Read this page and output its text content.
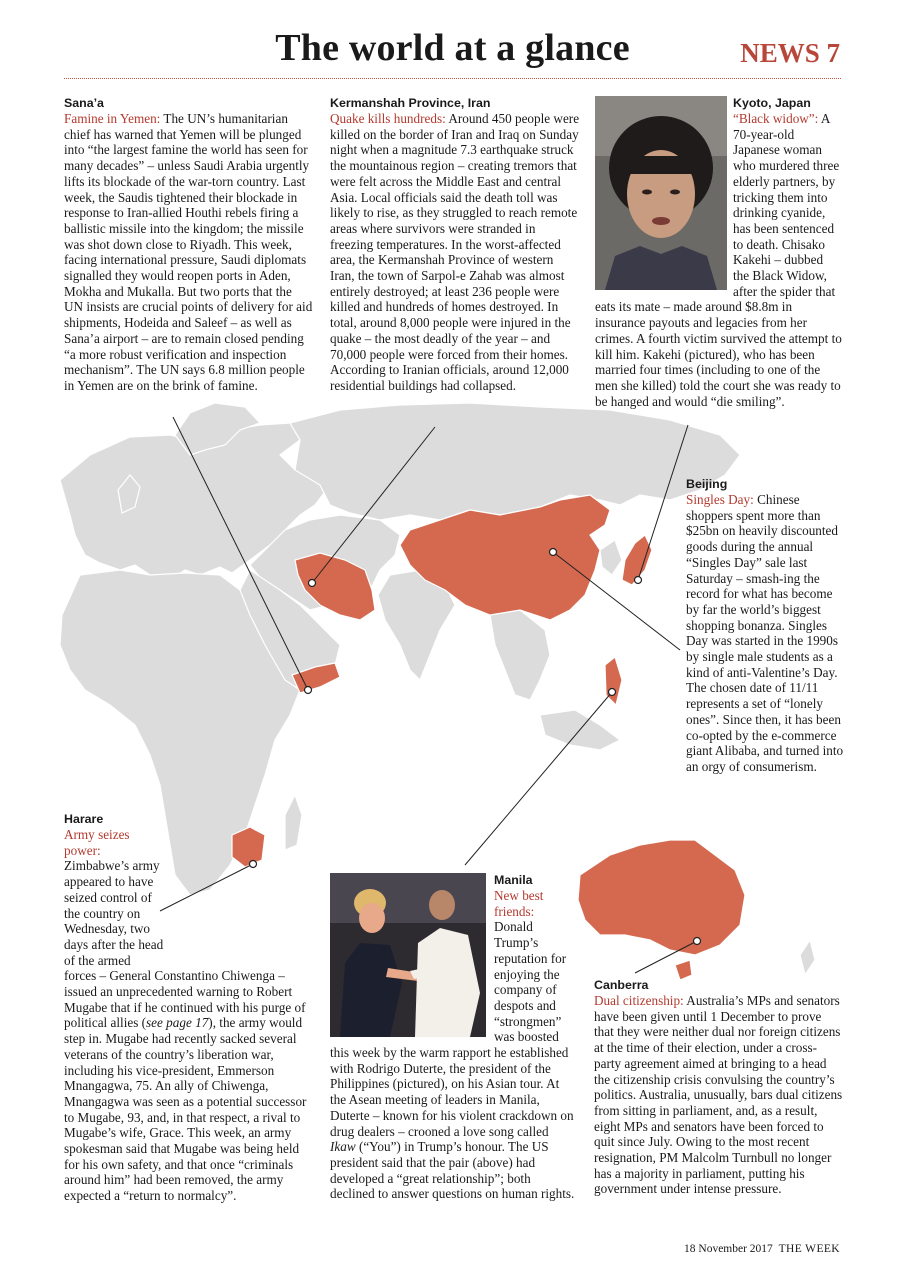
The world at a glance	NEWS 7
Sana’a
Famine in Yemen: The UN’s humanitarian chief has warned that Yemen will be plunged into “the largest famine the world has seen for many decades” – unless Saudi Arabia urgently lifts its blockade of the war-torn country. Last week, the Saudis tightened their blockade in response to Iran-allied Houthi rebels firing a ballistic missile into the kingdom; the missile was shot down close to Riyadh. This week, facing international pressure, Saudi diplomats signalled they would reopen ports in Aden, Mokha and Mukalla. But two ports that the UN insists are crucial points of delivery for aid shipments, Hodeida and Saleef – as well as Sana’a airport – are to remain closed pending “a more robust verification and inspection mechanism”. The UN says 6.8 million people in Yemen are on the brink of famine.
Kermanshah Province, Iran
Quake kills hundreds: Around 450 people were killed on the border of Iran and Iraq on Sunday night when a magnitude 7.3 earthquake struck the mountainous region – creating tremors that were felt across the Middle East and central Asia. Local officials said the death toll was likely to rise, as they struggled to reach remote areas where survivors were stranded in freezing temperatures. In the worst-affected area, the Kermanshah Province of western Iran, the town of Sarpol-e Zahab was almost entirely destroyed; at least 236 people were killed and hundreds of homes destroyed. In total, around 8,000 people were injured in the quake – the most deadly of the year – and 70,000 people were forced from their homes. According to Iranian officials, around 12,000 residential buildings had collapsed.
Kyoto, Japan
“Black widow”: A 70-year-old Japanese woman who murdered three elderly partners, by tricking them into drinking cyanide, has been sentenced to death. Chisako Kakehi – dubbed the Black Widow, after the spider that eats its mate – made around $8.8m in insurance payouts and legacies from her crimes. A fourth victim survived the attempt to kill him. Kakehi (pictured), who has been married four times (including to one of the men she killed) told the court she was ready to be hanged and would “die smiling”.
Beijing
Singles Day: Chinese shoppers spent more than $25bn on heavily discounted goods during the annual “Singles Day” sale last Saturday – smash-ing the record for what has become by far the world’s biggest shopping bonanza. Singles Day was started in the 1990s by single male students as a kind of anti-Valentine’s Day. The chosen date of 11/11 represents a set of “lonely ones”. Since then, it has been co-opted by the e-commerce giant Alibaba, and turned into an orgy of consumerism.
Harare
Army seizes power: Zimbabwe’s army appeared to have seized control of the country on Wednesday, two days after the head of the armed forces – General Constantino Chiwenga – issued an unprecedented warning to Robert Mugabe that if he continued with his purge of political allies (see page 17), the army would step in. Mugabe had recently sacked several veterans of the country’s liberation war, including his vice-president, Emmerson Mnangagwa, 75. An ally of Chiwenga, Mnangagwa was seen as a potential successor to Mugabe, 93, and, in that respect, a rival to Mugabe’s wife, Grace. This week, an army spokesman said that Mugabe was being held for his own safety, and that once “criminals around him” had been removed, the army expected a “return to normalcy”.
Manila
New best friends: Donald Trump’s reputation for enjoying the company of despots and “strongmen” was boosted this week by the warm rapport he established with Rodrigo Duterte, the president of the Philippines (pictured), on his Asian tour. At the Asean meeting of leaders in Manila, Duterte – known for his violent crackdown on drug dealers – crooned a love song called Ikaw (“You”) in Trump’s honour. The US president said that the pair (above) had developed a “great relationship”; both declined to answer questions on human rights.
Canberra
Dual citizenship: Australia’s MPs and senators have been given until 1 December to prove that they were neither dual nor foreign citizens at the time of their election, under a cross-party agreement aimed at bringing to a head the citizenship crisis convulsing the country’s politics. Australia, unusually, bars dual citizens from sitting in parliament, and, as a result, eight MPs and senators have been forced to quit since July. Owing to the most recent resignation, PM Malcolm Turnbull no longer has a majority in parliament, putting his government under intense pressure.
18 November 2017 THE WEEK
